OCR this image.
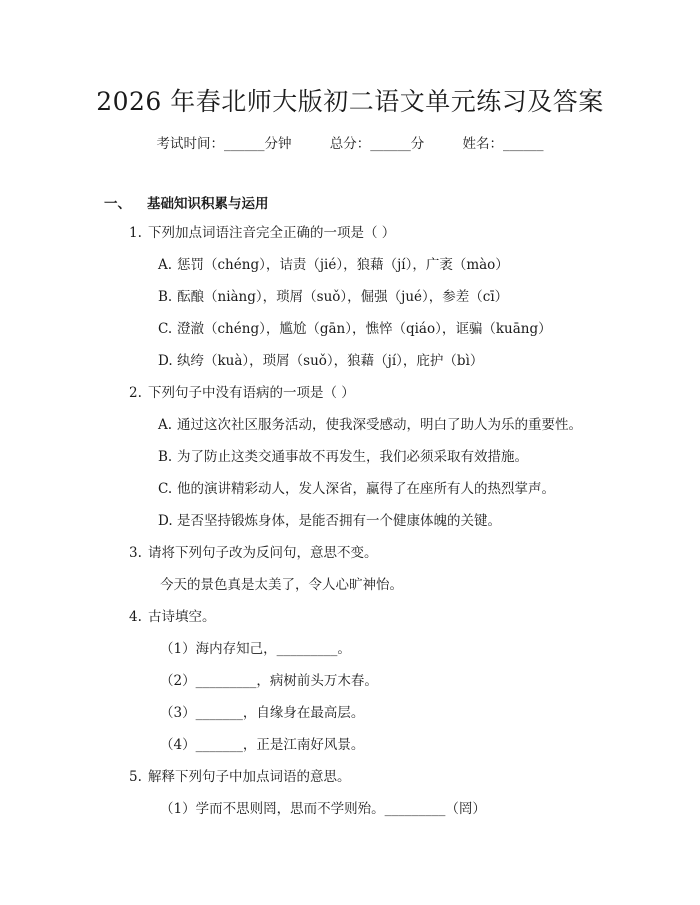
2026 年春北师大版初二语文单元练习及答案
考试时间：______分钟	总分：______分	姓名：______
一、 基础知识积累与运用
1. 下列加点词语注音完全正确的一项是（ ）
A. 惩罚（chéng），诘责（jié），狼藉（jí），广袤（mào）
B. 酝酿（niàng），琐屑（suǒ），倔强（jué），参差（cī）
C. 澄澈（chéng），尴尬（gān），憔悴（qiáo），诓骗（kuāng）
D. 纨绔（kuà），琐屑（suǒ），狼藉（jí），庇护（bì）
2. 下列句子中没有语病的一项是（ ）
A. 通过这次社区服务活动，使我深受感动，明白了助人为乐的重要性。
B. 为了防止这类交通事故不再发生，我们必须采取有效措施。
C. 他的演讲精彩动人，发人深省，赢得了在座所有人的热烈掌声。
D. 是否坚持锻炼身体，是能否拥有一个健康体魄的关键。
3. 请将下列句子改为反问句，意思不变。
今天的景色真是太美了，令人心旷神怡。
4. 古诗填空。
（1）海内存知己，_________。
（2）_________，病树前头万木春。
（3）_______，自缘身在最高层。
（4）_______，正是江南好风景。
5. 解释下列句子中加点词语的意思。
（1）学而不思则罔，思而不学则殆。_________（罔）
